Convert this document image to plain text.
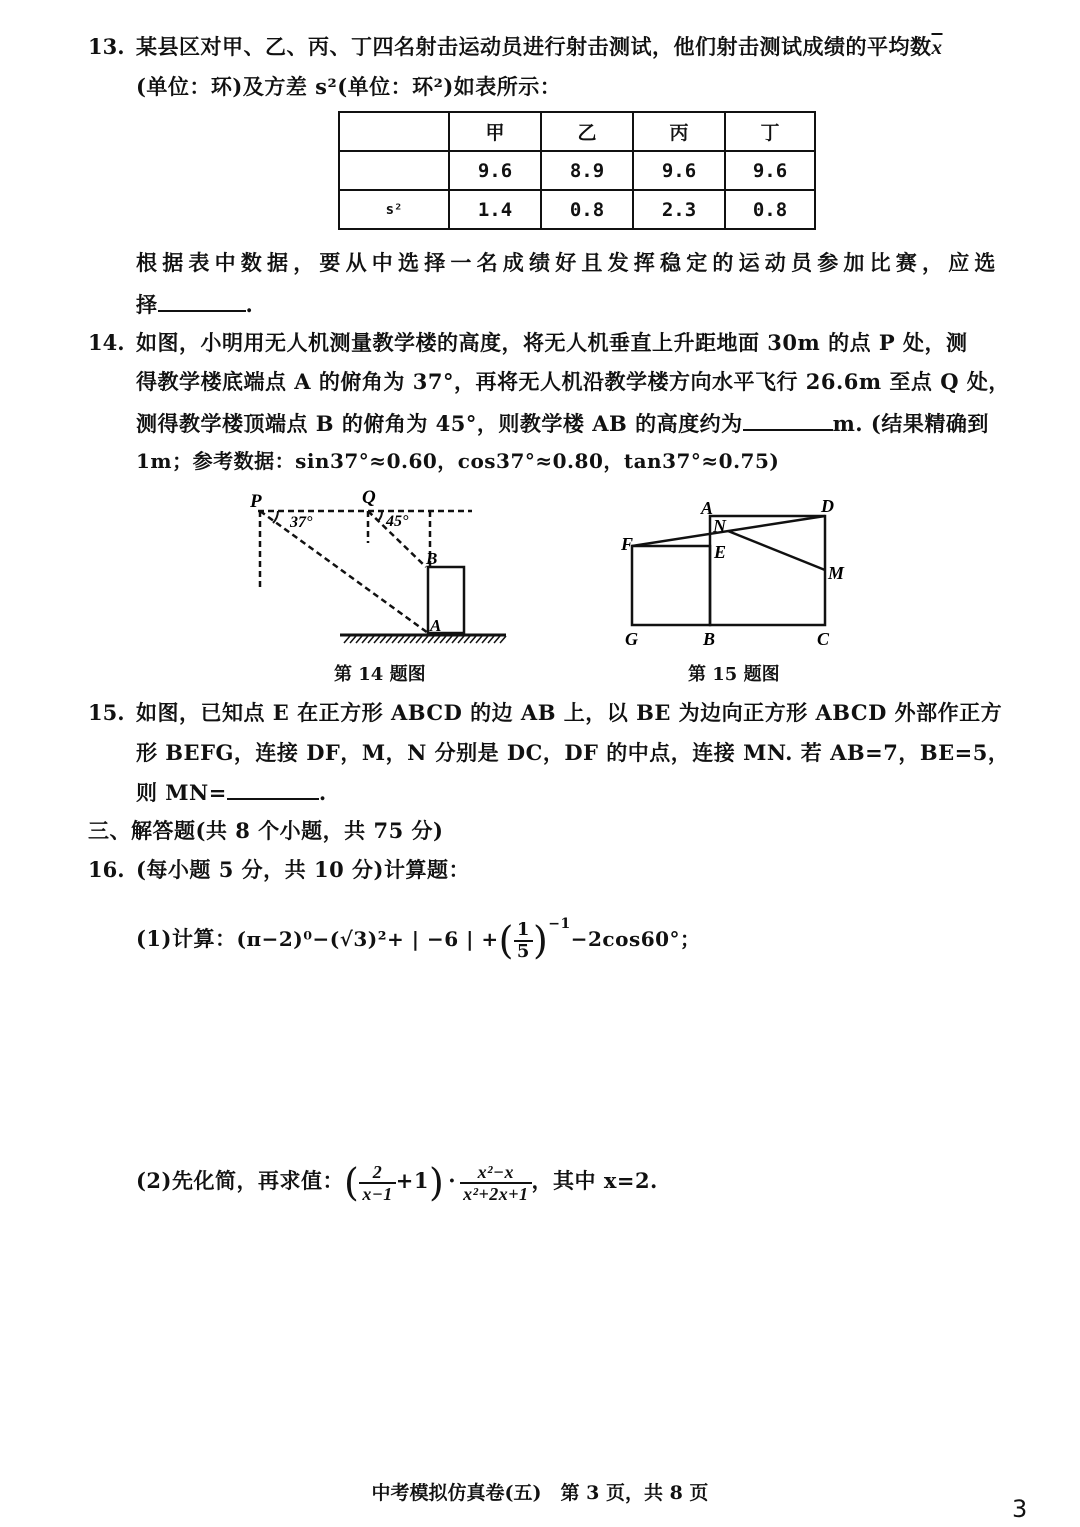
13. 某县区对甲、乙、丙、丁四名射击运动员进行射击测试，他们射击测试成绩的平均数$\overline{x}$
(单位：环)及方差 s²(单位：环²)如表所示：
	甲	乙	丙	丁
	9.6	8.9	9.6	9.6
s²	1.4	0.8	2.3	0.8
根据表中数据，要从中选择一名成绩好且发挥稳定的运动员参加比赛，应选
择	.
14. 如图，小明用无人机测量教学楼的高度，将无人机垂直上升距地面 30m 的点 P 处，测
得教学楼底端点 A 的俯角为 37°，再将无人机沿教学楼方向水平飞行 26.6m 至点 Q 处，
测得教学楼顶端点 B 的俯角为 45°，则教学楼 AB 的高度约为	m. (结果精确到
1m；参考数据：sin37°≈0.60，cos37°≈0.80，tan37°≈0.75)
P	Q
B
A
37°	45°
第 14 题图
A	D
N
F	E
M
G	B	C
第 15 题图
15. 如图，已知点 E 在正方形 ABCD 的边 AB 上，以 BE 为边向正方形 ABCD 外部作正方
形 BEFG，连接 DF，M，N 分别是 DC，DF 的中点，连接 MN. 若 AB=7，BE=5，
则 MN=	.
三、解答题(共 8 个小题，共 75 分)
16. (每小题 5 分，共 10 分)计算题：
(1)计算：(π−2)⁰−(√3)²+ | −6 | +( $\frac{1}{5} )^{-1}-2\cos 60^\circ$；
(2)先化简，再求值：( $\frac{2}{x-1} +1) \cdot \frac{\text{x²−x}}{\text{x²+2x+1}}$ ，其中 x=2.
中考模拟仿真卷(五)　第 3 页，共 8 页
3
